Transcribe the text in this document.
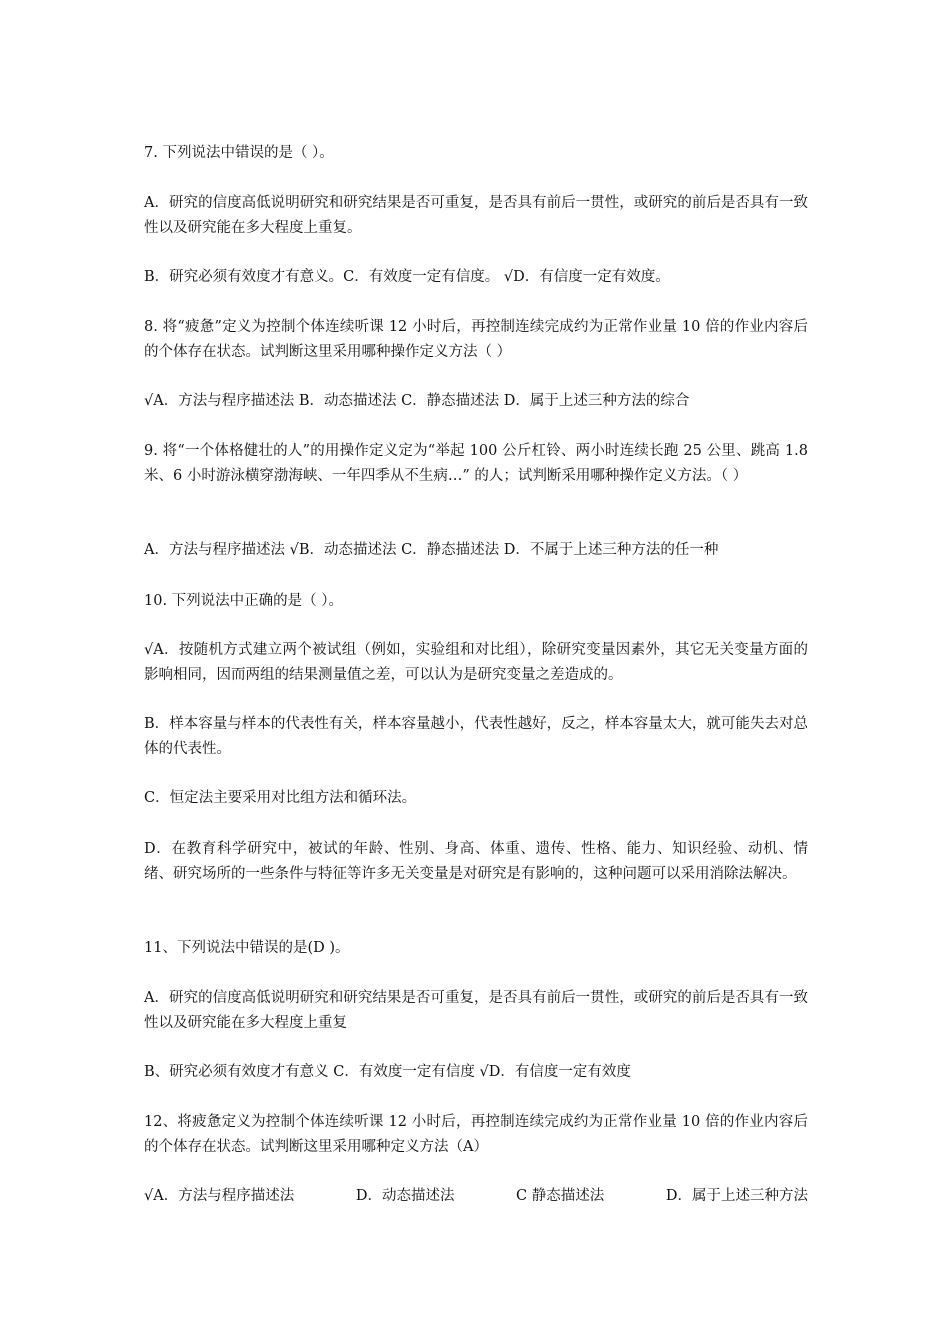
7. 下列说法中错误的是（ ）。

A．研究的信度高低说明研究和研究结果是否可重复，是否具有前后一贯性，或研究的前后是否具有一致性以及研究能在多大程度上重复。

B．研究必须有效度才有意义。C．有效度一定有信度。 √D．有信度一定有效度。

8. 将“疲惫”定义为控制个体连续听课 12 小时后，再控制连续完成约为正常作业量 10 倍的作业内容后的个体存在状态。试判断这里采用哪种操作定义方法（ ）

√A．方法与程序描述法 B．动态描述法 C．静态描述法 D．属于上述三种方法的综合

9. 将“一个体格健壮的人”的用操作定义定为“举起 100 公斤杠铃、两小时连续长跑 25 公里、跳高 1.8 米、6 小时游泳横穿渤海峡、一年四季从不生病…” 的人；试判断采用哪种操作定义方法。（ ）

A．方法与程序描述法 √B．动态描述法 C．静态描述法 D．不属于上述三种方法的任一种

10. 下列说法中正确的是（ ）。

√A．按随机方式建立两个被试组（例如，实验组和对比组），除研究变量因素外，其它无关变量方面的影响相同，因而两组的结果测量值之差，可以认为是研究变量之差造成的。

B．样本容量与样本的代表性有关，样本容量越小，代表性越好，反之，样本容量太大，就可能失去对总体的代表性。

C．恒定法主要采用对比组方法和循环法。

D．在教育科学研究中，被试的年龄、性别、身高、体重、遗传、性格、能力、知识经验、动机、情绪、研究场所的一些条件与特征等许多无关变量是对研究是有影响的，这种问题可以采用消除法解决。

11、下列说法中错误的是(D )。

A．研究的信度高低说明研究和研究结果是否可重复，是否具有前后一贯性，或研究的前后是否具有一致性以及研究能在多大程度上重复

B、研究必须有效度才有意义 C．有效度一定有信度 √D．有信度一定有效度

12、将疲惫定义为控制个体连续听课 12 小时后，再控制连续完成约为正常作业量 10 倍的作业内容后的个体存在状态。试判断这里采用哪种定义方法（A）

√A．方法与程序描述法	D．动态描述法	C 静态描述法	D．属于上述三种方法
